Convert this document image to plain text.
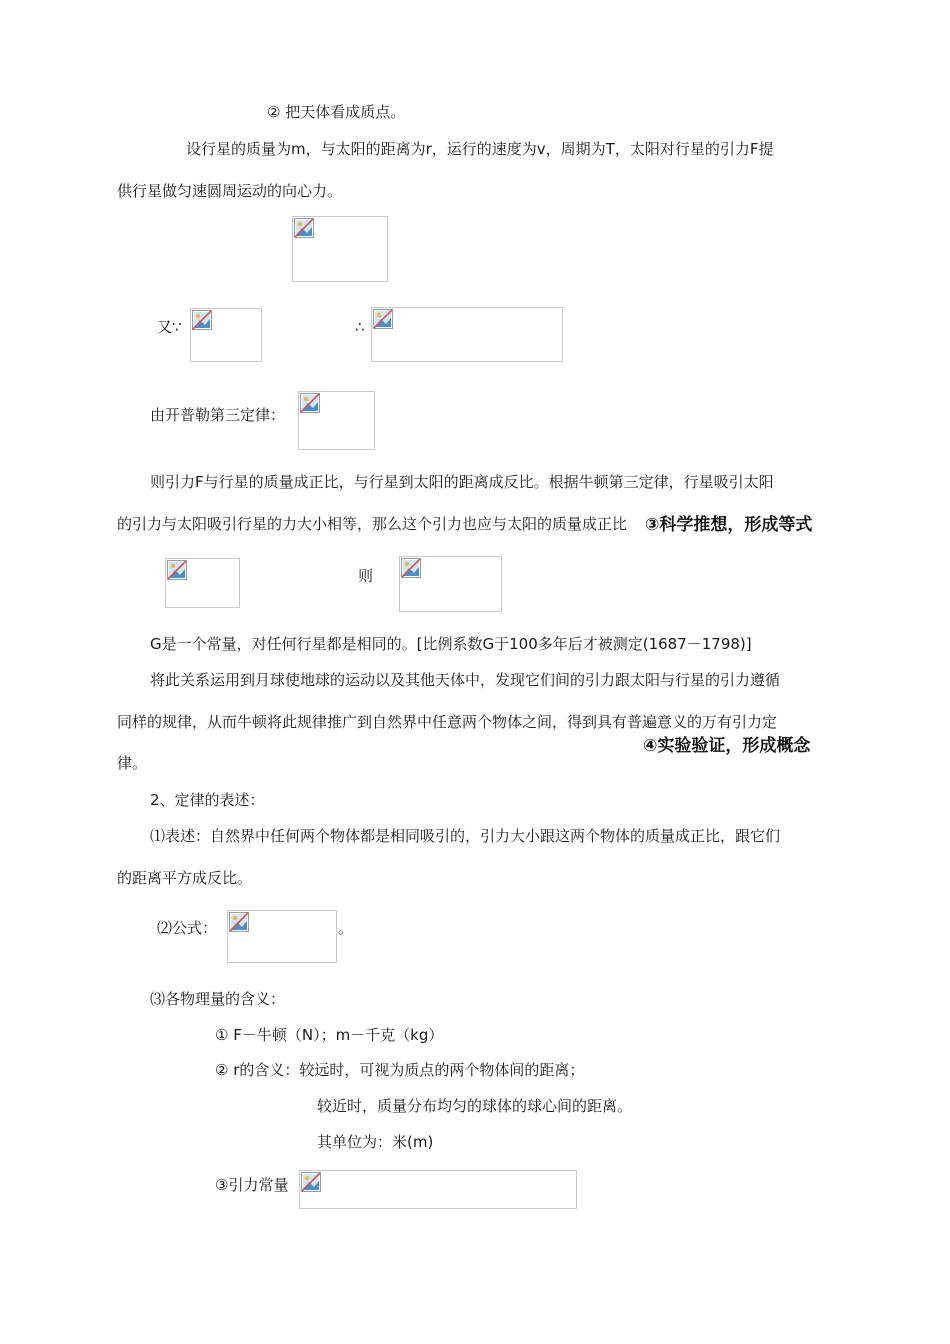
② 把天体看成质点。
设行星的质量为m，与太阳的距离为r，运行的速度为v，周期为T，太阳对行星的引力F提
供行星做匀速圆周运动的向心力。
又∵	∴
由开普勒第三定律：
则引力F与行星的质量成正比，与行星到太阳的距离成反比。根据牛顿第三定律，行星吸引太阳
的引力与太阳吸引行星的力大小相等，那么这个引力也应与太阳的质量成正比 ③科学推想，形成等式
则
G是一个常量，对任何行星都是相同的。[比例系数G于100多年后才被测定(1687－1798)]
将此关系运用到月球使地球的运动以及其他天体中，发现它们间的引力跟太阳与行星的引力遵循
同样的规律，从而牛顿将此规律推广到自然界中任意两个物体之间，得到具有普遍意义的万有引力定
④实验验证，形成概念
律。
2、定律的表述：
⑴表述：自然界中任何两个物体都是相同吸引的，引力大小跟这两个物体的质量成正比，跟它们
的距离平方成反比。
⑵公式：	。
⑶各物理量的含义：
① F－牛顿（N）；m－千克（kg）
② r的含义：较远时，可视为质点的两个物体间的距离；
较近时，质量分布均匀的球体的球心间的距离。
其单位为：米(m)
③引力常量
